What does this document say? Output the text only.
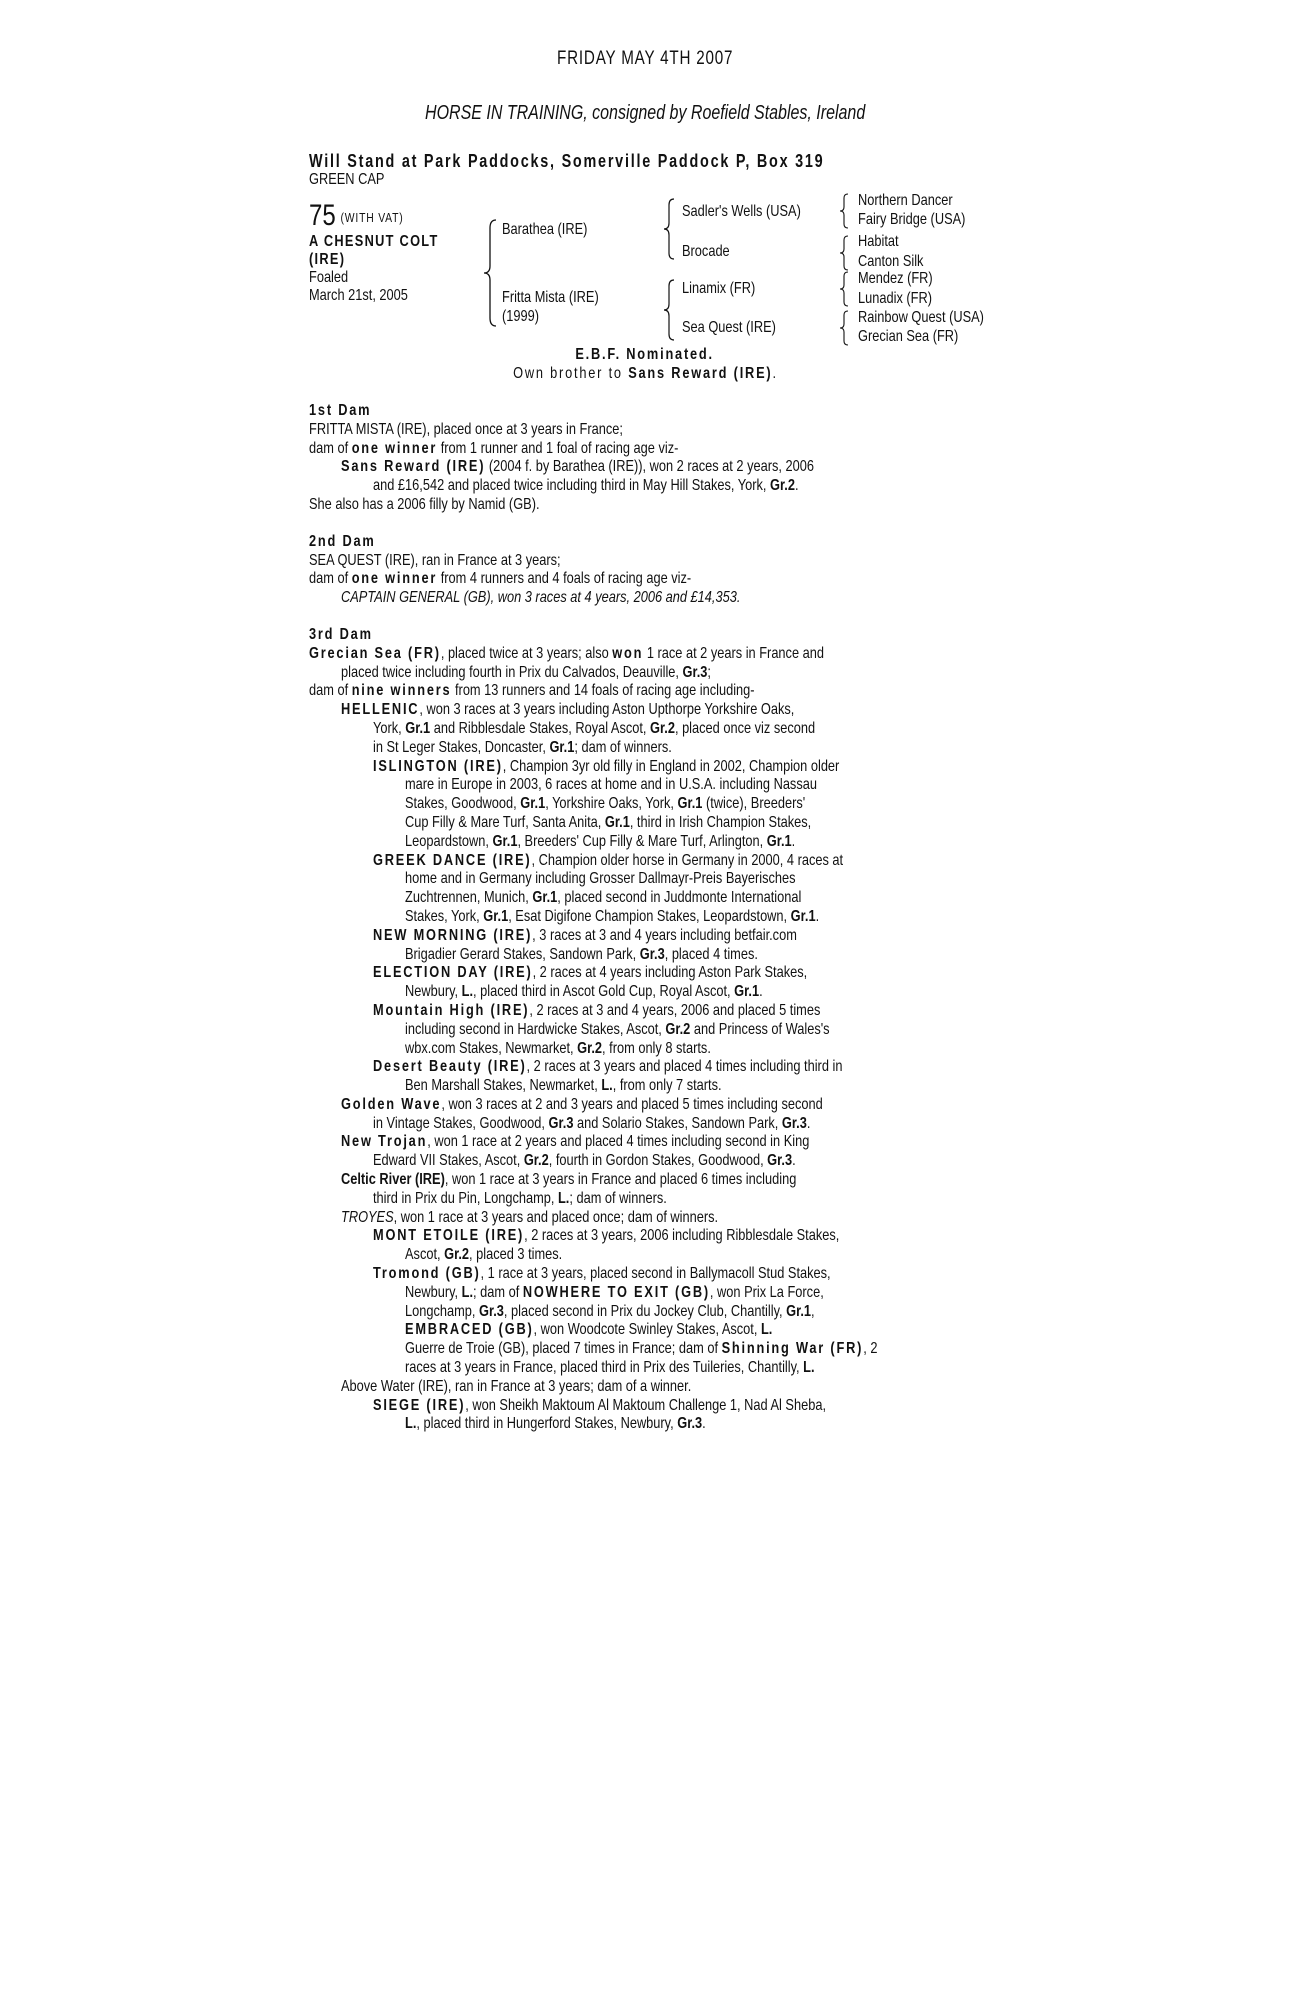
FRIDAY MAY 4TH 2007
HORSE IN TRAINING, consigned by Roefield Stables, Ireland
Will Stand at Park Paddocks, Somerville Paddock P, Box 319
GREEN CAP
75 (WITH VAT)
A CHESNUT COLT
(IRE)
Foaled
March 21st, 2005
Barathea (IRE)
Fritta Mista (IRE)
(1999)
Sadler's Wells (USA)
Brocade
Linamix (FR)
Sea Quest (IRE)
Northern Dancer
Fairy Bridge (USA)
Habitat
Canton Silk
Mendez (FR)
Lunadix (FR)
Rainbow Quest (USA)
Grecian Sea (FR)
E.B.F. Nominated.
Own brother to Sans Reward (IRE).
1st Dam
FRITTA MISTA (IRE), placed once at 3 years in France;
dam of one winner from 1 runner and 1 foal of racing age viz-
Sans Reward (IRE) (2004 f. by Barathea (IRE)), won 2 races at 2 years, 2006
and £16,542 and placed twice including third in May Hill Stakes, York, Gr.2.
She also has a 2006 filly by Namid (GB).
2nd Dam
SEA QUEST (IRE), ran in France at 3 years;
dam of one winner from 4 runners and 4 foals of racing age viz-
CAPTAIN GENERAL (GB), won 3 races at 4 years, 2006 and £14,353.
3rd Dam
Grecian Sea (FR), placed twice at 3 years; also won 1 race at 2 years in France and
placed twice including fourth in Prix du Calvados, Deauville, Gr.3;
dam of nine winners from 13 runners and 14 foals of racing age including-
HELLENIC, won 3 races at 3 years including Aston Upthorpe Yorkshire Oaks,
York, Gr.1 and Ribblesdale Stakes, Royal Ascot, Gr.2, placed once viz second
in St Leger Stakes, Doncaster, Gr.1; dam of winners.
ISLINGTON (IRE), Champion 3yr old filly in England in 2002, Champion older
mare in Europe in 2003, 6 races at home and in U.S.A. including Nassau
Stakes, Goodwood, Gr.1, Yorkshire Oaks, York, Gr.1 (twice), Breeders'
Cup Filly & Mare Turf, Santa Anita, Gr.1, third in Irish Champion Stakes,
Leopardstown, Gr.1, Breeders' Cup Filly & Mare Turf, Arlington, Gr.1.
GREEK DANCE (IRE), Champion older horse in Germany in 2000, 4 races at
home and in Germany including Grosser Dallmayr-Preis Bayerisches
Zuchtrennen, Munich, Gr.1, placed second in Juddmonte International
Stakes, York, Gr.1, Esat Digifone Champion Stakes, Leopardstown, Gr.1.
NEW MORNING (IRE), 3 races at 3 and 4 years including betfair.com
Brigadier Gerard Stakes, Sandown Park, Gr.3, placed 4 times.
ELECTION DAY (IRE), 2 races at 4 years including Aston Park Stakes,
Newbury, L., placed third in Ascot Gold Cup, Royal Ascot, Gr.1.
Mountain High (IRE), 2 races at 3 and 4 years, 2006 and placed 5 times
including second in Hardwicke Stakes, Ascot, Gr.2 and Princess of Wales's
wbx.com Stakes, Newmarket, Gr.2, from only 8 starts.
Desert Beauty (IRE), 2 races at 3 years and placed 4 times including third in
Ben Marshall Stakes, Newmarket, L., from only 7 starts.
Golden Wave, won 3 races at 2 and 3 years and placed 5 times including second
in Vintage Stakes, Goodwood, Gr.3 and Solario Stakes, Sandown Park, Gr.3.
New Trojan, won 1 race at 2 years and placed 4 times including second in King
Edward VII Stakes, Ascot, Gr.2, fourth in Gordon Stakes, Goodwood, Gr.3.
Celtic River (IRE), won 1 race at 3 years in France and placed 6 times including
third in Prix du Pin, Longchamp, L.; dam of winners.
TROYES, won 1 race at 3 years and placed once; dam of winners.
MONT ETOILE (IRE), 2 races at 3 years, 2006 including Ribblesdale Stakes,
Ascot, Gr.2, placed 3 times.
Tromond (GB), 1 race at 3 years, placed second in Ballymacoll Stud Stakes,
Newbury, L.; dam of NOWHERE TO EXIT (GB), won Prix La Force,
Longchamp, Gr.3, placed second in Prix du Jockey Club, Chantilly, Gr.1,
EMBRACED (GB), won Woodcote Swinley Stakes, Ascot, L.
Guerre de Troie (GB), placed 7 times in France; dam of Shinning War (FR), 2
races at 3 years in France, placed third in Prix des Tuileries, Chantilly, L.
Above Water (IRE), ran in France at 3 years; dam of a winner.
SIEGE (IRE), won Sheikh Maktoum Al Maktoum Challenge 1, Nad Al Sheba,
L., placed third in Hungerford Stakes, Newbury, Gr.3.
